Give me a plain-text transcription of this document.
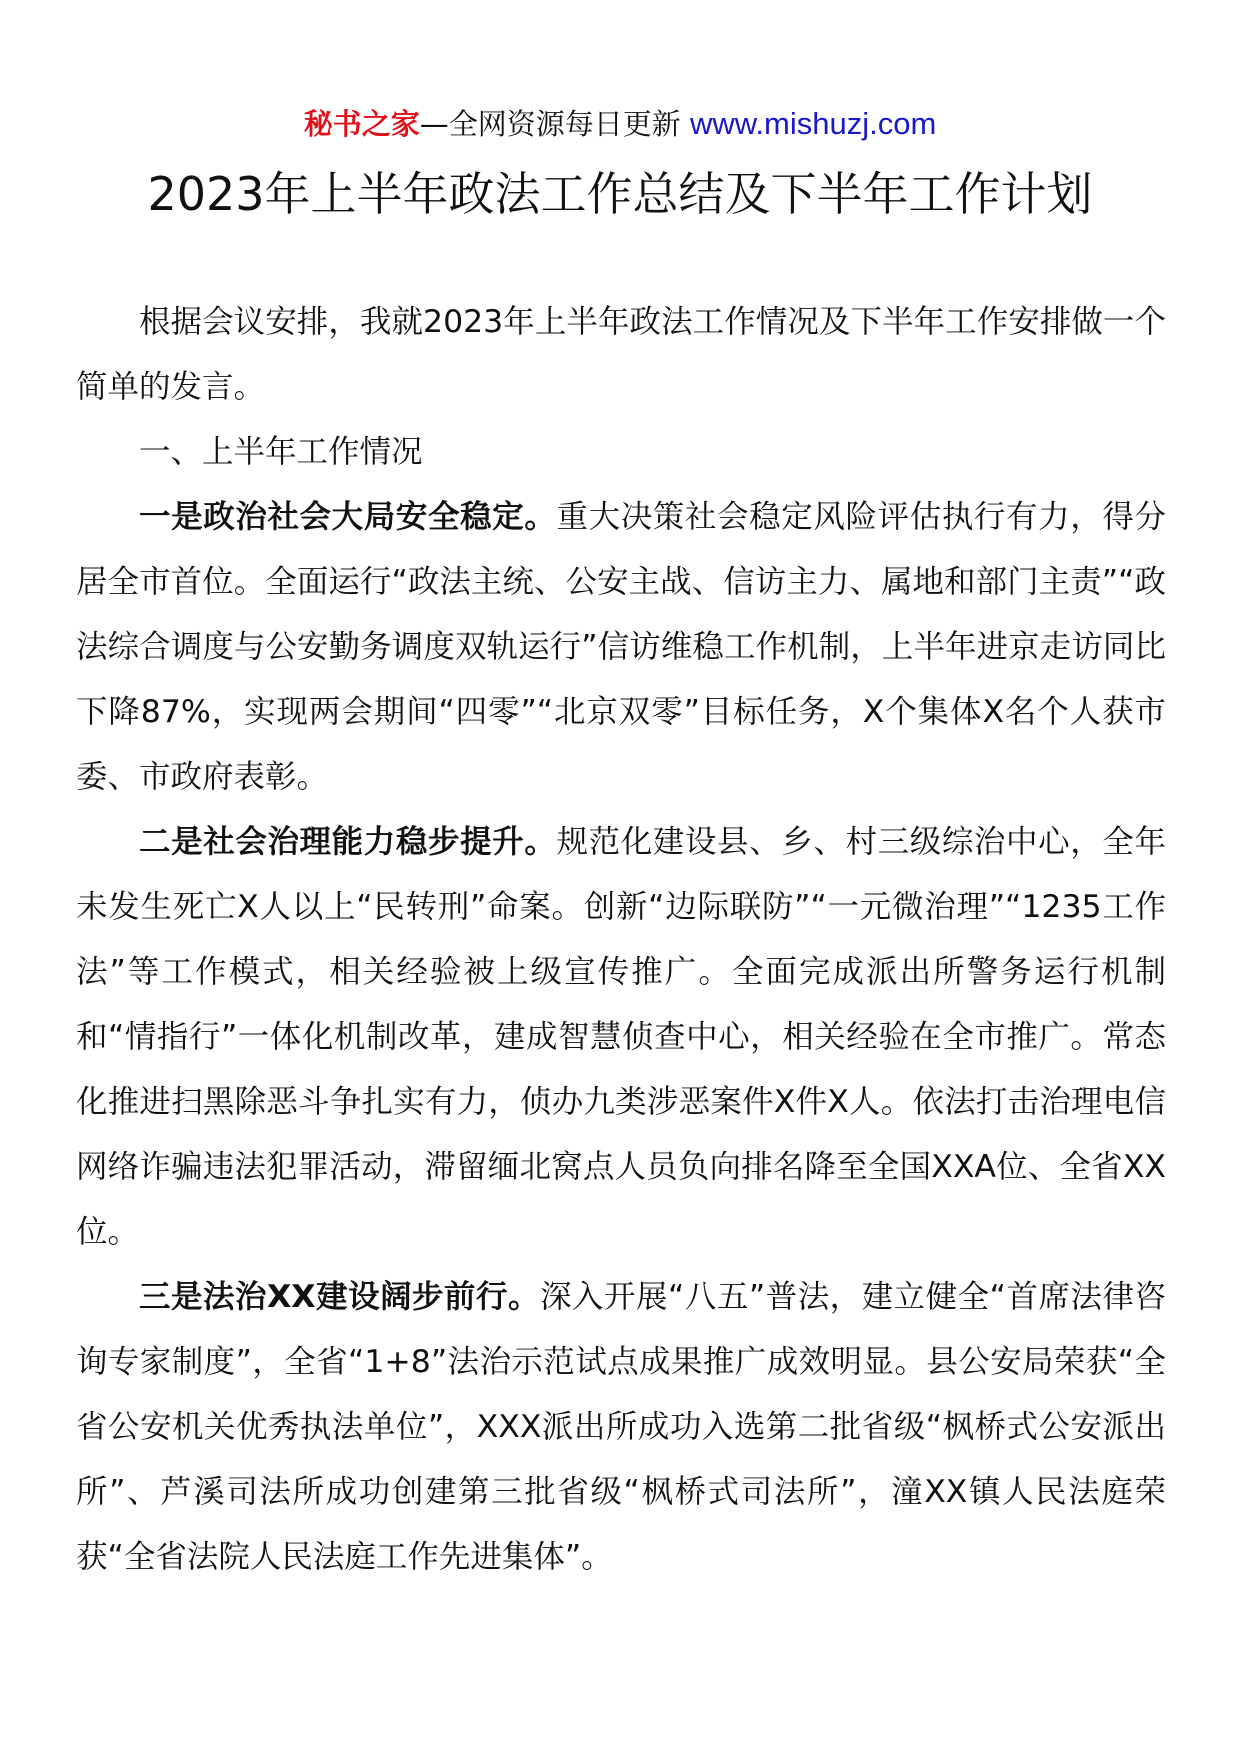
秘书之家—全网资源每日更新 www.mishuzj.com
2023年上半年政法工作总结及下半年工作计划

根据会议安排，我就2023年上半年政法工作情况及下半年工作安排做一个简单的发言。

一、上半年工作情况

一是政治社会大局安全稳定。重大决策社会稳定风险评估执行有力，得分居全市首位。全面运行“政法主统、公安主战、信访主力、属地和部门主责”“政法综合调度与公安勤务调度双轨运行”信访维稳工作机制，上半年进京走访同比下降87%，实现两会期间“四零”“北京双零”目标任务，X个集体X名个人获市委、市政府表彰。

二是社会治理能力稳步提升。规范化建设县、乡、村三级综治中心，全年未发生死亡X人以上“民转刑”命案。创新“边际联防”“一元微治理”“1235工作法”等工作模式，相关经验被上级宣传推广。全面完成派出所警务运行机制和“情指行”一体化机制改革，建成智慧侦查中心，相关经验在全市推广。常态化推进扫黑除恶斗争扎实有力，侦办九类涉恶案件X件X人。依法打击治理电信网络诈骗违法犯罪活动，滞留缅北窝点人员负向排名降至全国XXA位、全省XX位。

三是法治XX建设阔步前行。深入开展“八五”普法，建立健全“首席法律咨询专家制度”，全省“1+8”法治示范试点成果推广成效明显。县公安局荣获“全省公安机关优秀执法单位”，XXX派出所成功入选第二批省级“枫桥式公安派出所”、芦溪司法所成功创建第三批省级“枫桥式司法所”，潼XX镇人民法庭荣获“全省法院人民法庭工作先进集体”。
